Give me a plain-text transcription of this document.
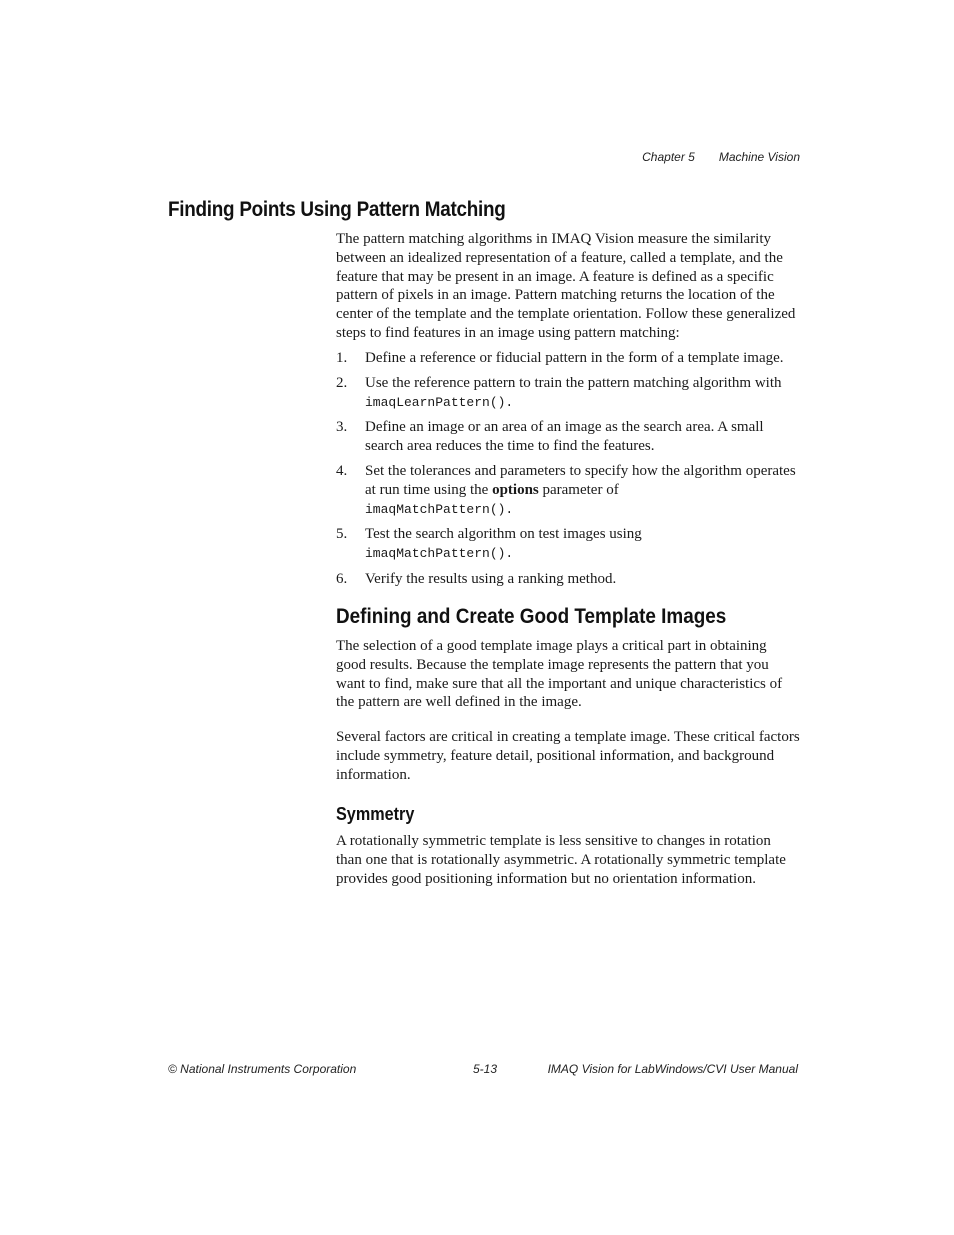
Chapter 5 Machine Vision
Finding Points Using Pattern Matching

The pattern matching algorithms in IMAQ Vision measure the similarity between an idealized representation of a feature, called a template, and the feature that may be present in an image. A feature is defined as a specific pattern of pixels in an image. Pattern matching returns the location of the center of the template and the template orientation. Follow these generalized steps to find features in an image using pattern matching:

1. Define a reference or fiducial pattern in the form of a template image.
2. Use the reference pattern to train the pattern matching algorithm with
imaqLearnPattern().
3. Define an image or an area of an image as the search area. A small search area reduces the time to find the features.
4. Set the tolerances and parameters to specify how the algorithm operates at run time using the options parameter of
imaqMatchPattern().
5. Test the search algorithm on test images using
imaqMatchPattern().
6. Verify the results using a ranking method.
Defining and Create Good Template Images

The selection of a good template image plays a critical part in obtaining good results. Because the template image represents the pattern that you want to find, make sure that all the important and unique characteristics of the pattern are well defined in the image.

Several factors are critical in creating a template image. These critical factors include symmetry, feature detail, positional information, and background information.

Symmetry

A rotationally symmetric template is less sensitive to changes in rotation than one that is rotationally asymmetric. A rotationally symmetric template provides good positioning information but no orientation information.

© National Instruments Corporation	5-13	IMAQ Vision for LabWindows/CVI User Manual
